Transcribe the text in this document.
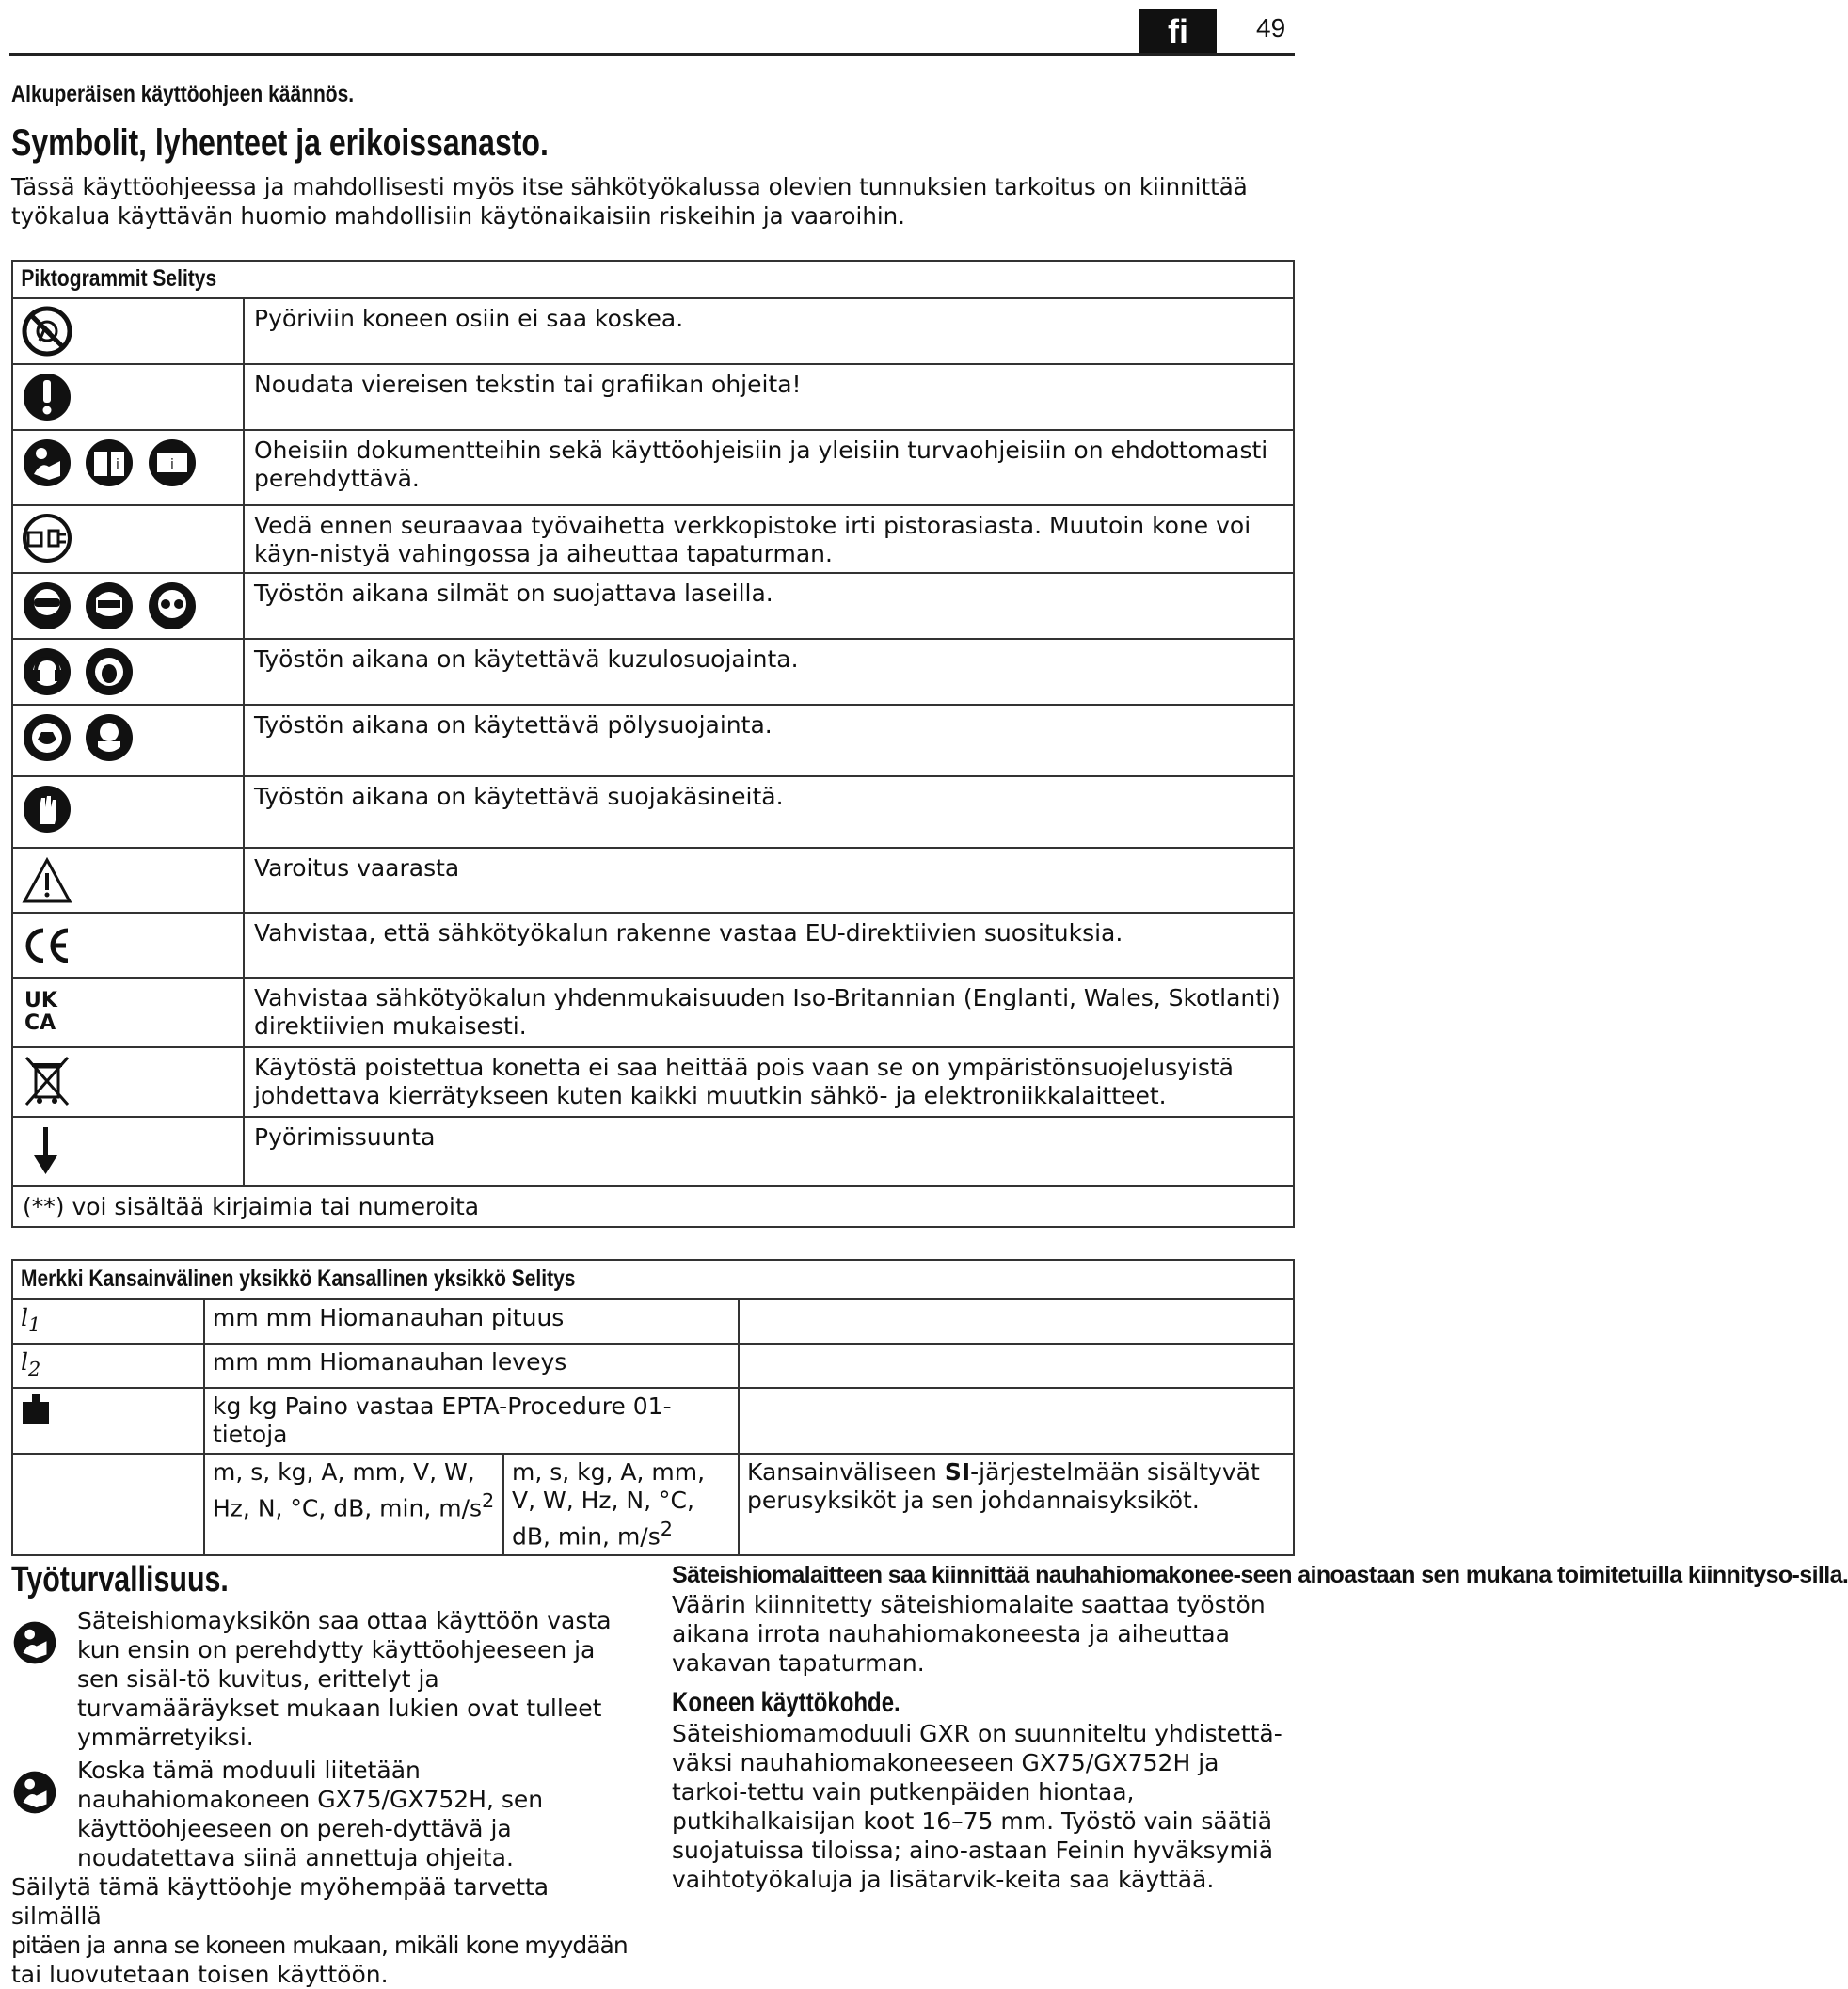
fi	49
Alkuperäisen käyttöohjeen käännös.
Symbolit, lyhenteet ja erikoissanasto.
Tässä käyttöohjeessa ja mahdollisesti myös itse sähkötyökalussa olevien tunnuksien tarkoitus on kiinnittää työkalua käyttävän huomio mahdollisiin käytönaikaisiin riskeihin ja vaaroihin.
Piktogrammit Selitys	
	Pyöriviin koneen osiin ei saa koskea.
	Noudata viereisen tekstin tai grafiikan ohjeita!

i
i	Oheisiin dokumentteihin sekä käyttöohjeisiin ja yleisiin turvaohjeisiin on ehdottomasti perehdyttävä.
	Vedä ennen seuraavaa työvaihetta verkkopistoke irti pistorasiasta. Muutoin kone voi käyn-nistyä vahingossa ja aiheuttaa tapaturman.
	Työstön aikana silmät on suojattava laseilla.
	Työstön aikana on käytettävä kuzulosuojainta.
	Työstön aikana on käytettävä pölysuojainta.
	Työstön aikana on käytettävä suojakäsineitä.
	Varoitus vaarasta
	Vahvistaa, että sähkötyökalun rakenne vastaa EU-direktiivien suosituksia.

UK
CA	Vahvistaa sähkötyökalun yhdenmukaisuuden Iso-Britannian (Englanti, Wales, Skotlanti) direktiivien mukaisesti.
	Käytöstä poistettua konetta ei saa heittää pois vaan se on ympäristönsuojelusyistä johdettava kierrätykseen kuten kaikki muutkin sähkö- ja elektroniikkalaitteet.
	Pyörimissuunta
(**) voi sisältää kirjaimia tai numeroita	
Merkki Kansainvälinen yksikkö Kansallinen yksikkö Selitys			
$l_1$	mm mm Hiomanauhan pituus		
$l_2$	mm mm Hiomanauhan leveys		
	kg kg Paino vastaa EPTA-Procedure 01-tietoja		
	m, s, kg, A, mm, V, W, Hz, N, °C, dB, min, $m/s^2$	m, s, kg, A, mm, V, W, Hz, N, °C, dB, min, $m/s^2$	Kansainväliseen SI-järjestelmään sisältyvät perusyksiköt ja sen johdannaisyksiköt.
Työturvallisuus.
Säteishiomayksikön saa ottaa käyttöön vasta kun ensin on perehdytty käyttöohjeeseen ja sen sisäl-tö kuvitus, erittelyt ja turvamääräykset mukaan lukien ovat tulleet ymmärretyiksi.
Koska tämä moduuli liitetään nauhahiomakoneen GX75/GX752H, sen käyttöohjeeseen on pereh-dyttävä ja noudatettava siinä annettuja ohjeita.
Säilytä tämä käyttöohje myöhempää tarvetta silmällä
pitäen ja anna se koneen mukaan, mikäli kone myydään
tai luovutetaan toisen käyttöön.
Säteishiomalaitteen saa kiinnittää nauhahiomakonee-seen ainoastaan sen mukana toimitetuilla kiinnityso-silla. Väärin kiinnitetty säteishiomalaite saattaa työstön aikana irrota nauhahiomakoneesta ja aiheuttaa vakavan tapaturman.
Koneen käyttökohde.
Säteishiomamoduuli GXR on suunniteltu yhdistettä-väksi nauhahiomakoneeseen GX75/GX752H ja tarkoi-tettu vain putkenpäiden hiontaa, putkihalkaisijan koot 16–75 mm. Työstö vain säätiä suojatuissa tiloissa; aino-astaan Feinin hyväksymiä vaihtotyökaluja ja lisätarvik-keita saa käyttää.
